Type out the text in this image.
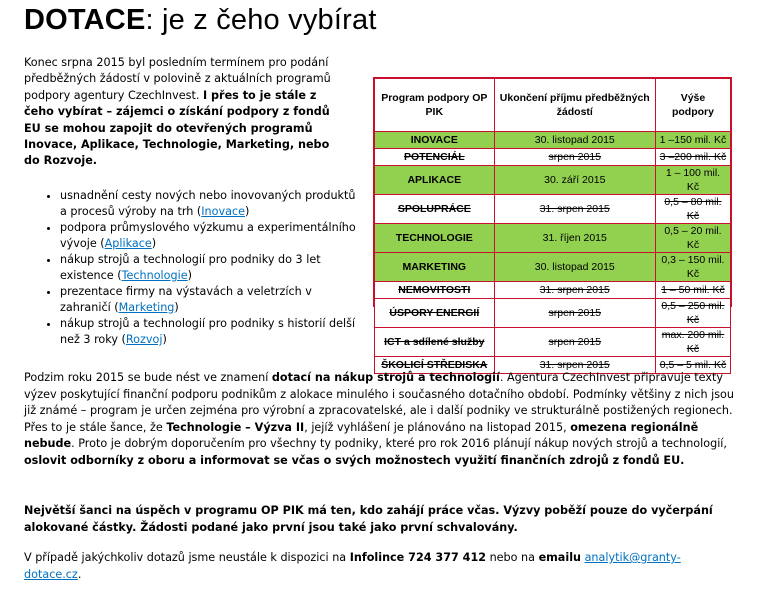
DOTACE: je z čeho vybírat
Konec srpna 2015 byl posledním termínem pro podání předběžných žádostí v polovině z aktuálních programů podpory agentury CzechInvest. I přes to je stále z čeho vybírat – zájemci o získání podpory z fondů EU se mohou zapojit do otevřených programů Inovace, Aplikace, Technologie, Marketing, nebo do Rozvoje.
• usnadnění cesty nových nebo inovovaných produktů a procesů výroby na trh (Inovace)
• podpora průmyslového výzkumu a experimentálního vývoje (Aplikace)
• nákup strojů a technologií pro podniky do 3 let existence (Technologie)
• prezentace firmy na výstavách a veletrzích v zahraničí (Marketing)
• nákup strojů a technologií pro podniky s historií delší než 3 roky (Rozvoj)
Program podpory OP PIK	Ukončení příjmu předběžných žádostí	Výše podpory
INOVACE	30. listopad 2015	1 –150 mil. Kč
POTENCIÁL	srpen 2015	3 –200 mil. Kč
APLIKACE	30. září 2015	1 – 100 mil. Kč
SPOLUPRÁCE	31. srpen 2015	0,5 – 80 mil. Kč
TECHNOLOGIE	31. říjen 2015	0,5 – 20 mil. Kč
MARKETING	30. listopad 2015	0,3 – 150 mil. Kč
NEMOVITOSTI	31. srpen 2015	1 – 50 mil. Kč
ÚSPORY ENERGIÍ	srpen 2015	0,5 – 250 mil. Kč
ICT a sdílené služby	srpen 2015	max. 200 mil. Kč
ŠKOLICÍ STŘEDISKA	31. srpen 2015	0,5 – 5 mil. Kč

Podzim roku 2015 se bude nést ve znamení dotací na nákup strojů a technologií. Agentura CzechInvest připravuje texty výzev poskytující finanční podporu podnikům z alokace minulého i současného dotačního období. Podmínky většiny z nich jsou již známé – program je určen zejména pro výrobní a zpracovatelské, ale i další podniky ve strukturálně postižených regionech. Přes to je stále šance, že Technologie – Výzva II, jejíž vyhlášení je plánováno na listopad 2015, omezena regionálně nebude. Proto je dobrým doporučením pro všechny ty podniky, které pro rok 2016 plánují nákup nových strojů a technologií, oslovit odborníky z oboru a informovat se včas o svých možnostech využití finančních zdrojů z fondů EU.

Největší šanci na úspěch v programu OP PIK má ten, kdo zahájí práce včas. Výzvy poběží pouze do vyčerpání alokované částky. Žádosti podané jako první jsou také jako první schvalovány.

V případě jakýchkoliv dotazů jsme neustále k dispozici na Infolince 724 377 412 nebo na emailu analytik@granty-dotace.cz.
